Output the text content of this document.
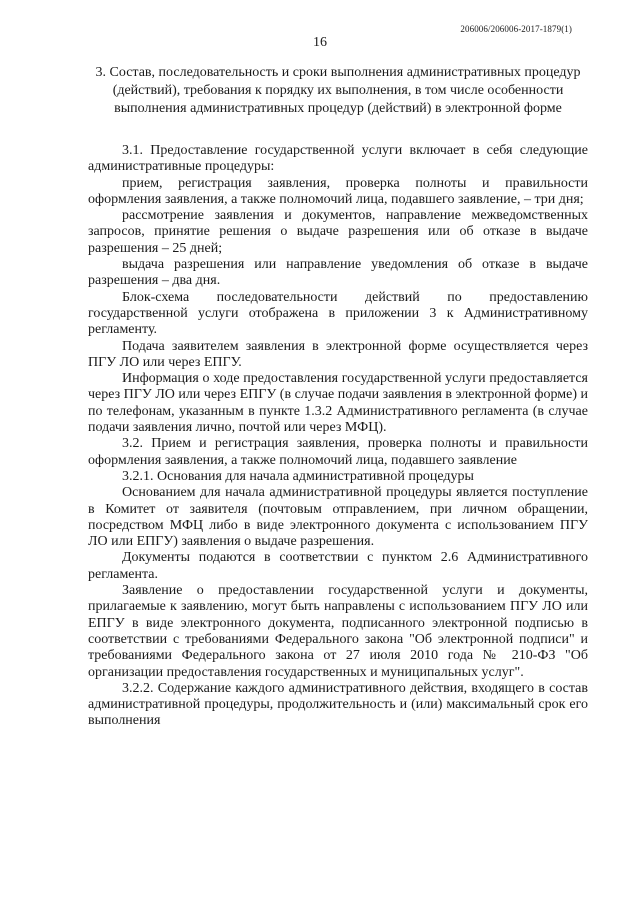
206006/206006-2017-1879(1)
16
3. Состав, последовательность и сроки выполнения административных процедур (действий), требования к порядку их выполнения, в том числе особенности выполнения административных процедур (действий) в электронной форме

3.1. Предоставление государственной услуги включает в себя следующие административные процедуры:

прием, регистрация заявления, проверка полноты и правильности оформления заявления, а также полномочий лица, подавшего заявление, – три дня;

рассмотрение заявления и документов, направление межведомственных запросов, принятие решения о выдаче разрешения или об отказе в выдаче разрешения – 25 дней;

выдача разрешения или направление уведомления об отказе в выдаче разрешения – два дня.

Блок-схема последовательности действий по предоставлению государственной услуги отображена в приложении 3 к Административному регламенту.

Подача заявителем заявления в электронной форме осуществляется через ПГУ ЛО или через ЕПГУ.

Информация о ходе предоставления государственной услуги предоставляется через ПГУ ЛО или через ЕПГУ (в случае подачи заявления в электронной форме) и по телефонам, указанным в пункте 1.3.2 Административного регламента (в случае подачи заявления лично, почтой или через МФЦ).

3.2. Прием и регистрация заявления, проверка полноты и правильности оформления заявления, а также полномочий лица, подавшего заявление

3.2.1. Основания для начала административной процедуры

Основанием для начала административной процедуры является поступление в Комитет от заявителя (почтовым отправлением, при личном обращении, посредством МФЦ либо в виде электронного документа с использованием ПГУ ЛО или ЕПГУ) заявления о выдаче разрешения.

Документы подаются в соответствии с пунктом 2.6 Административного регламента.

Заявление о предоставлении государственной услуги и документы, прилагаемые к заявлению, могут быть направлены с использованием ПГУ ЛО или ЕПГУ в виде электронного документа, подписанного электронной подписью в соответствии с требованиями Федерального закона "Об электронной подписи" и требованиями Федерального закона от 27 июля 2010 года № 210-ФЗ "Об организации предоставления государственных и муниципальных услуг".

3.2.2. Содержание каждого административного действия, входящего в состав административной процедуры, продолжительность и (или) максимальный срок его выполнения
